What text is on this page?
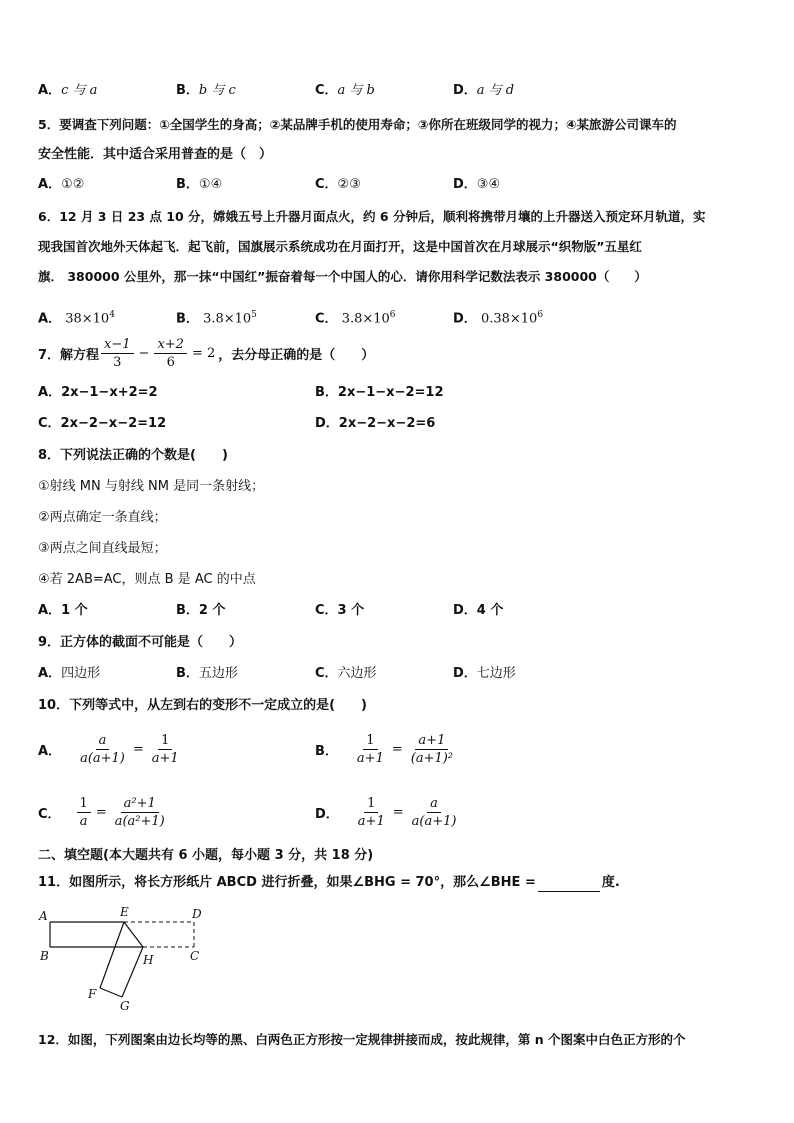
A．c 与 a	B．b 与 c	C．a 与 b	D．a 与 d
5．要调查下列问题：①全国学生的身高；②某品牌手机的使用寿命；③你所在班级同学的视力；④某旅游公司课车的
安全性能．其中适合采用普查的是（　）
A．①②	B．①④	C．②③	D．③④
6．12 月 3 日 23 点 10 分，嫦娥五号上升器月面点火，约 6 分钟后，顺利将携带月壤的上升器送入预定环月轨道，实
现我国首次地外天体起飞．起飞前，国旗展示系统成功在月面打开，这是中国首次在月球展示“织物版”五星红
旗． 380000 公里外，那一抹“中国红”振奋着每一个中国人的心．请你用科学记数法表示 380000（　　）
A． $38\times 10^4$	B． $3.8\times 10^5$	C． $3.8\times 10^6$	D． $0.38\times 10^6$
7．解方程 $\frac{x-1}{3} - \frac{x+2}{6} = 2$ ，去分母正确的是（　　）
A．2x−1−x+2=2	B．2x−1−x−2=12
C．2x−2−x−2=12	D．2x−2−x−2=6
8．下列说法正确的个数是(　　)
①射线 MN 与射线 NM 是同一条射线；
②两点确定一条直线；
③两点之间直线最短；
④若 2AB=AC，则点 B 是 AC 的中点
A．1 个	B．2 个	C．3 个	D．4 个
9．正方体的截面不可能是（　　）
A．四边形	B．五边形	C．六边形	D．七边形
10．下列等式中，从左到右的变形不一定成立的是(　　)
A． $\frac{a}{a(a+1)} = \frac{1}{a+1}$	B． $\frac{1}{a+1} = \frac{a+1}{\text{(a+1)²}}$
C． $\frac{1}{a} = \frac{\text{a²+1}}{\text{a(a²+1)}}$	D． $\frac{1}{a+1} = \frac{a}{a(a+1)}$
二、填空题(本大题共有 6 小题，每小题 3 分，共 18 分)
11．如图所示，将长方形纸片 ABCD 进行折叠，如果∠BHG = 70°，那么∠BHE =	度.
A
B	C
D
E
F
G
H
12．如图，下列图案由边长均等的黑、白两色正方形按一定规律拼接而成，按此规律，第 n 个图案中白色正方形的个
